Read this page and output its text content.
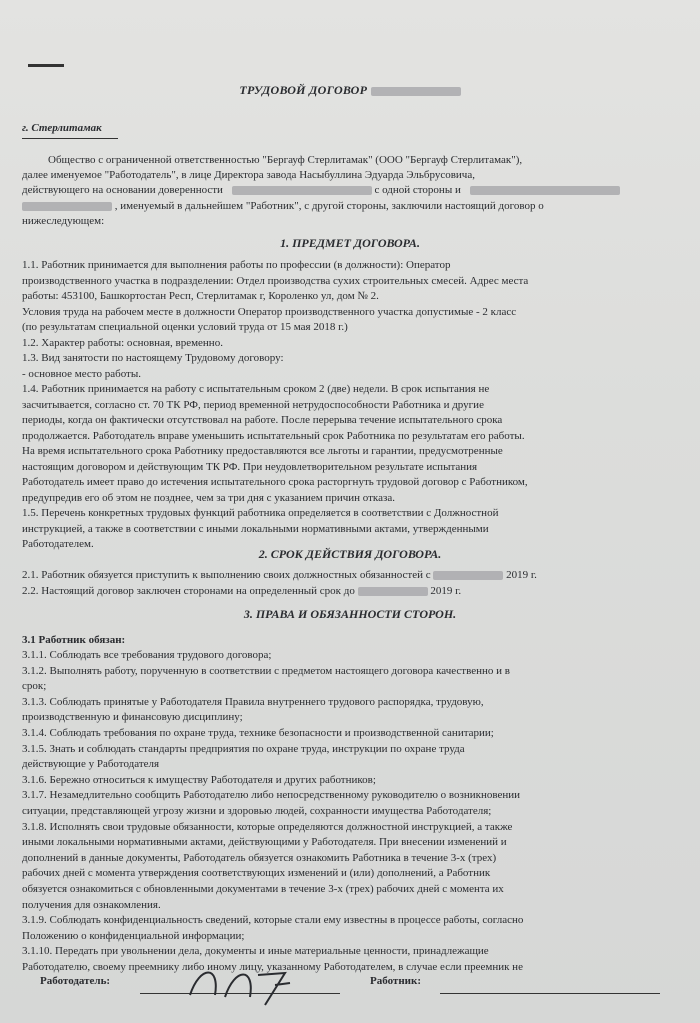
ТРУДОВОЙ ДОГОВОР
г. Стерлитамак
Общество с ограниченной ответственностью "Бергауф Стерлитамак" (ООО "Бергауф Стерлитамак"),
далее именуемое "Работодатель", в лице Директора завода Насыбуллина Эдуарда Эльбрусовича,
действующего на основании доверенности	с одной стороны и
, именуемый в дальнейшем "Работник", с другой стороны, заключили настоящий договор о
нижеследующем:
1. ПРЕДМЕТ ДОГОВОРА.
1.1. Работник принимается для выполнения работы по профессии (в должности): Оператор
производственного участка в подразделении: Отдел производства сухих строительных смесей. Адрес места
работы: 453100, Башкортостан Респ, Стерлитамак г, Короленко ул, дом № 2.
Условия труда на рабочем месте в должности Оператор производственного участка допустимые - 2 класс
(по результатам специальной оценки условий труда от 15 мая 2018 г.)
1.2. Характер работы: основная, временно.
1.3. Вид занятости по настоящему Трудовому договору:
- основное место работы.
1.4. Работник принимается на работу с испытательным сроком 2 (две) недели. В срок испытания не
засчитывается, согласно ст. 70 ТК РФ, период временной нетрудоспособности Работника и другие
периоды, когда он фактически отсутствовал на работе. После перерыва течение испытательного срока
продолжается. Работодатель вправе уменьшить испытательный срок Работника по результатам его работы.
На время испытательного срока Работнику предоставляются все льготы и гарантии, предусмотренные
настоящим договором и действующим ТК РФ. При неудовлетворительном результате испытания
Работодатель имеет право до истечения испытательного срока расторгнуть трудовой договор с Работником,
предупредив его об этом не позднее, чем за три дня с указанием причин отказа.
1.5. Перечень конкретных трудовых функций работника определяется в соответствии с Должностной
инструкцией, а также в соответствии с иными локальными нормативными актами, утвержденными
Работодателем.
2. СРОК ДЕЙСТВИЯ ДОГОВОРА.
2.1. Работник обязуется приступить к выполнению своих должностных обязанностей с	2019 г.
2.2. Настоящий договор заключен сторонами на определенный срок до	2019 г.
3. ПРАВА И ОБЯЗАННОСТИ СТОРОН.
3.1 Работник обязан:
3.1.1. Соблюдать все требования трудового договора;
3.1.2. Выполнять работу, порученную в соответствии с предметом настоящего договора качественно и в
срок;
3.1.3. Соблюдать принятые у Работодателя Правила внутреннего трудового распорядка, трудовую,
производственную и финансовую дисциплину;
3.1.4. Соблюдать требования по охране труда, технике безопасности и производственной санитарии;
3.1.5. Знать и соблюдать стандарты предприятия по охране труда, инструкции по охране труда
действующие у Работодателя
3.1.6. Бережно относиться к имуществу Работодателя и других работников;
3.1.7. Незамедлительно сообщить Работодателю либо непосредственному руководителю о возникновении
ситуации, представляющей угрозу жизни и здоровью людей, сохранности имущества Работодателя;
3.1.8. Исполнять свои трудовые обязанности, которые определяются должностной инструкцией, а также
иными локальными нормативными актами, действующими у Работодателя. При внесении изменений и
дополнений в данные документы, Работодатель обязуется ознакомить Работника в течение 3-х (трех)
рабочих дней с момента утверждения соответствующих изменений и (или) дополнений, а Работник
обязуется ознакомиться с обновленными документами в течение 3-х (трех) рабочих дней с момента их
получения для ознакомления.
3.1.9. Соблюдать конфиденциальность сведений, которые стали ему известны в процессе работы, согласно
Положению о конфиденциальной информации;
3.1.10. Передать при увольнении дела, документы и иные материальные ценности, принадлежащие
Работодателю, своему преемнику либо иному лицу, указанному Работодателем, в случае если преемник не
Работодатель:	Работник:
